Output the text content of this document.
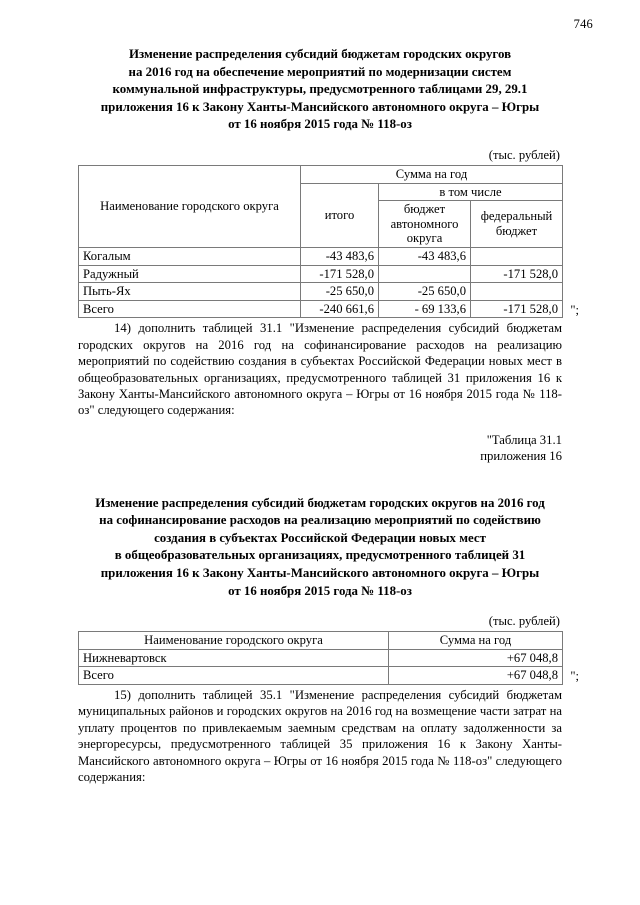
746
Изменение распределения субсидий бюджетам городских округов
на 2016 год на обеспечение мероприятий по модернизации систем
коммунальной инфраструктуры, предусмотренного таблицами 29, 29.1
приложения 16 к Закону Ханты-Мансийского автономного округа – Югры
от 16 ноября 2015 года № 118-оз
(тыс. рублей)
Наименование городского округа	Сумма на год		
	итого	в том числе	
		бюджет автономного округа	федеральный бюджет
Когалым	-43 483,6	-43 483,6	
Радужный	-171 528,0		-171 528,0
Пыть-Ях	-25 650,0	-25 650,0	
Всего	-240 661,6	- 69 133,6	-171 528,0 ";

14) дополнить таблицей 31.1 "Изменение распределения субсидий бюджетам городских округов на 2016 год на софинансирование расходов на реализацию мероприятий по содействию создания в субъектах Российской Федерации новых мест в общеобразовательных организациях, предусмотренного таблицей 31 приложения 16 к Закону Ханты-Мансийского автономного округа – Югры от 16 ноября 2015 года № 118-оз" следующего содержания:

"Таблица 31.1
приложения 16
Изменение распределения субсидий бюджетам городских округов на 2016 год
на софинансирование расходов на реализацию мероприятий по содействию
создания в субъектах Российской Федерации новых мест
в общеобразовательных организациях, предусмотренного таблицей 31
приложения 16 к Закону Ханты-Мансийского автономного округа – Югры
от 16 ноября 2015 года № 118-оз
(тыс. рублей)
Наименование городского округа	Сумма на год
Нижневартовск	+67 048,8
Всего	+67 048,8 ";

15) дополнить таблицей 35.1 "Изменение распределения субсидий бюджетам муниципальных районов и городских округов на 2016 год на возмещение части затрат на уплату процентов по привлекаемым заемным средствам на оплату задолженности за энергоресурсы, предусмотренного таблицей 35 приложения 16 к Закону Ханты-Мансийского автономного округа – Югры от 16 ноября 2015 года № 118-оз" следующего содержания:
